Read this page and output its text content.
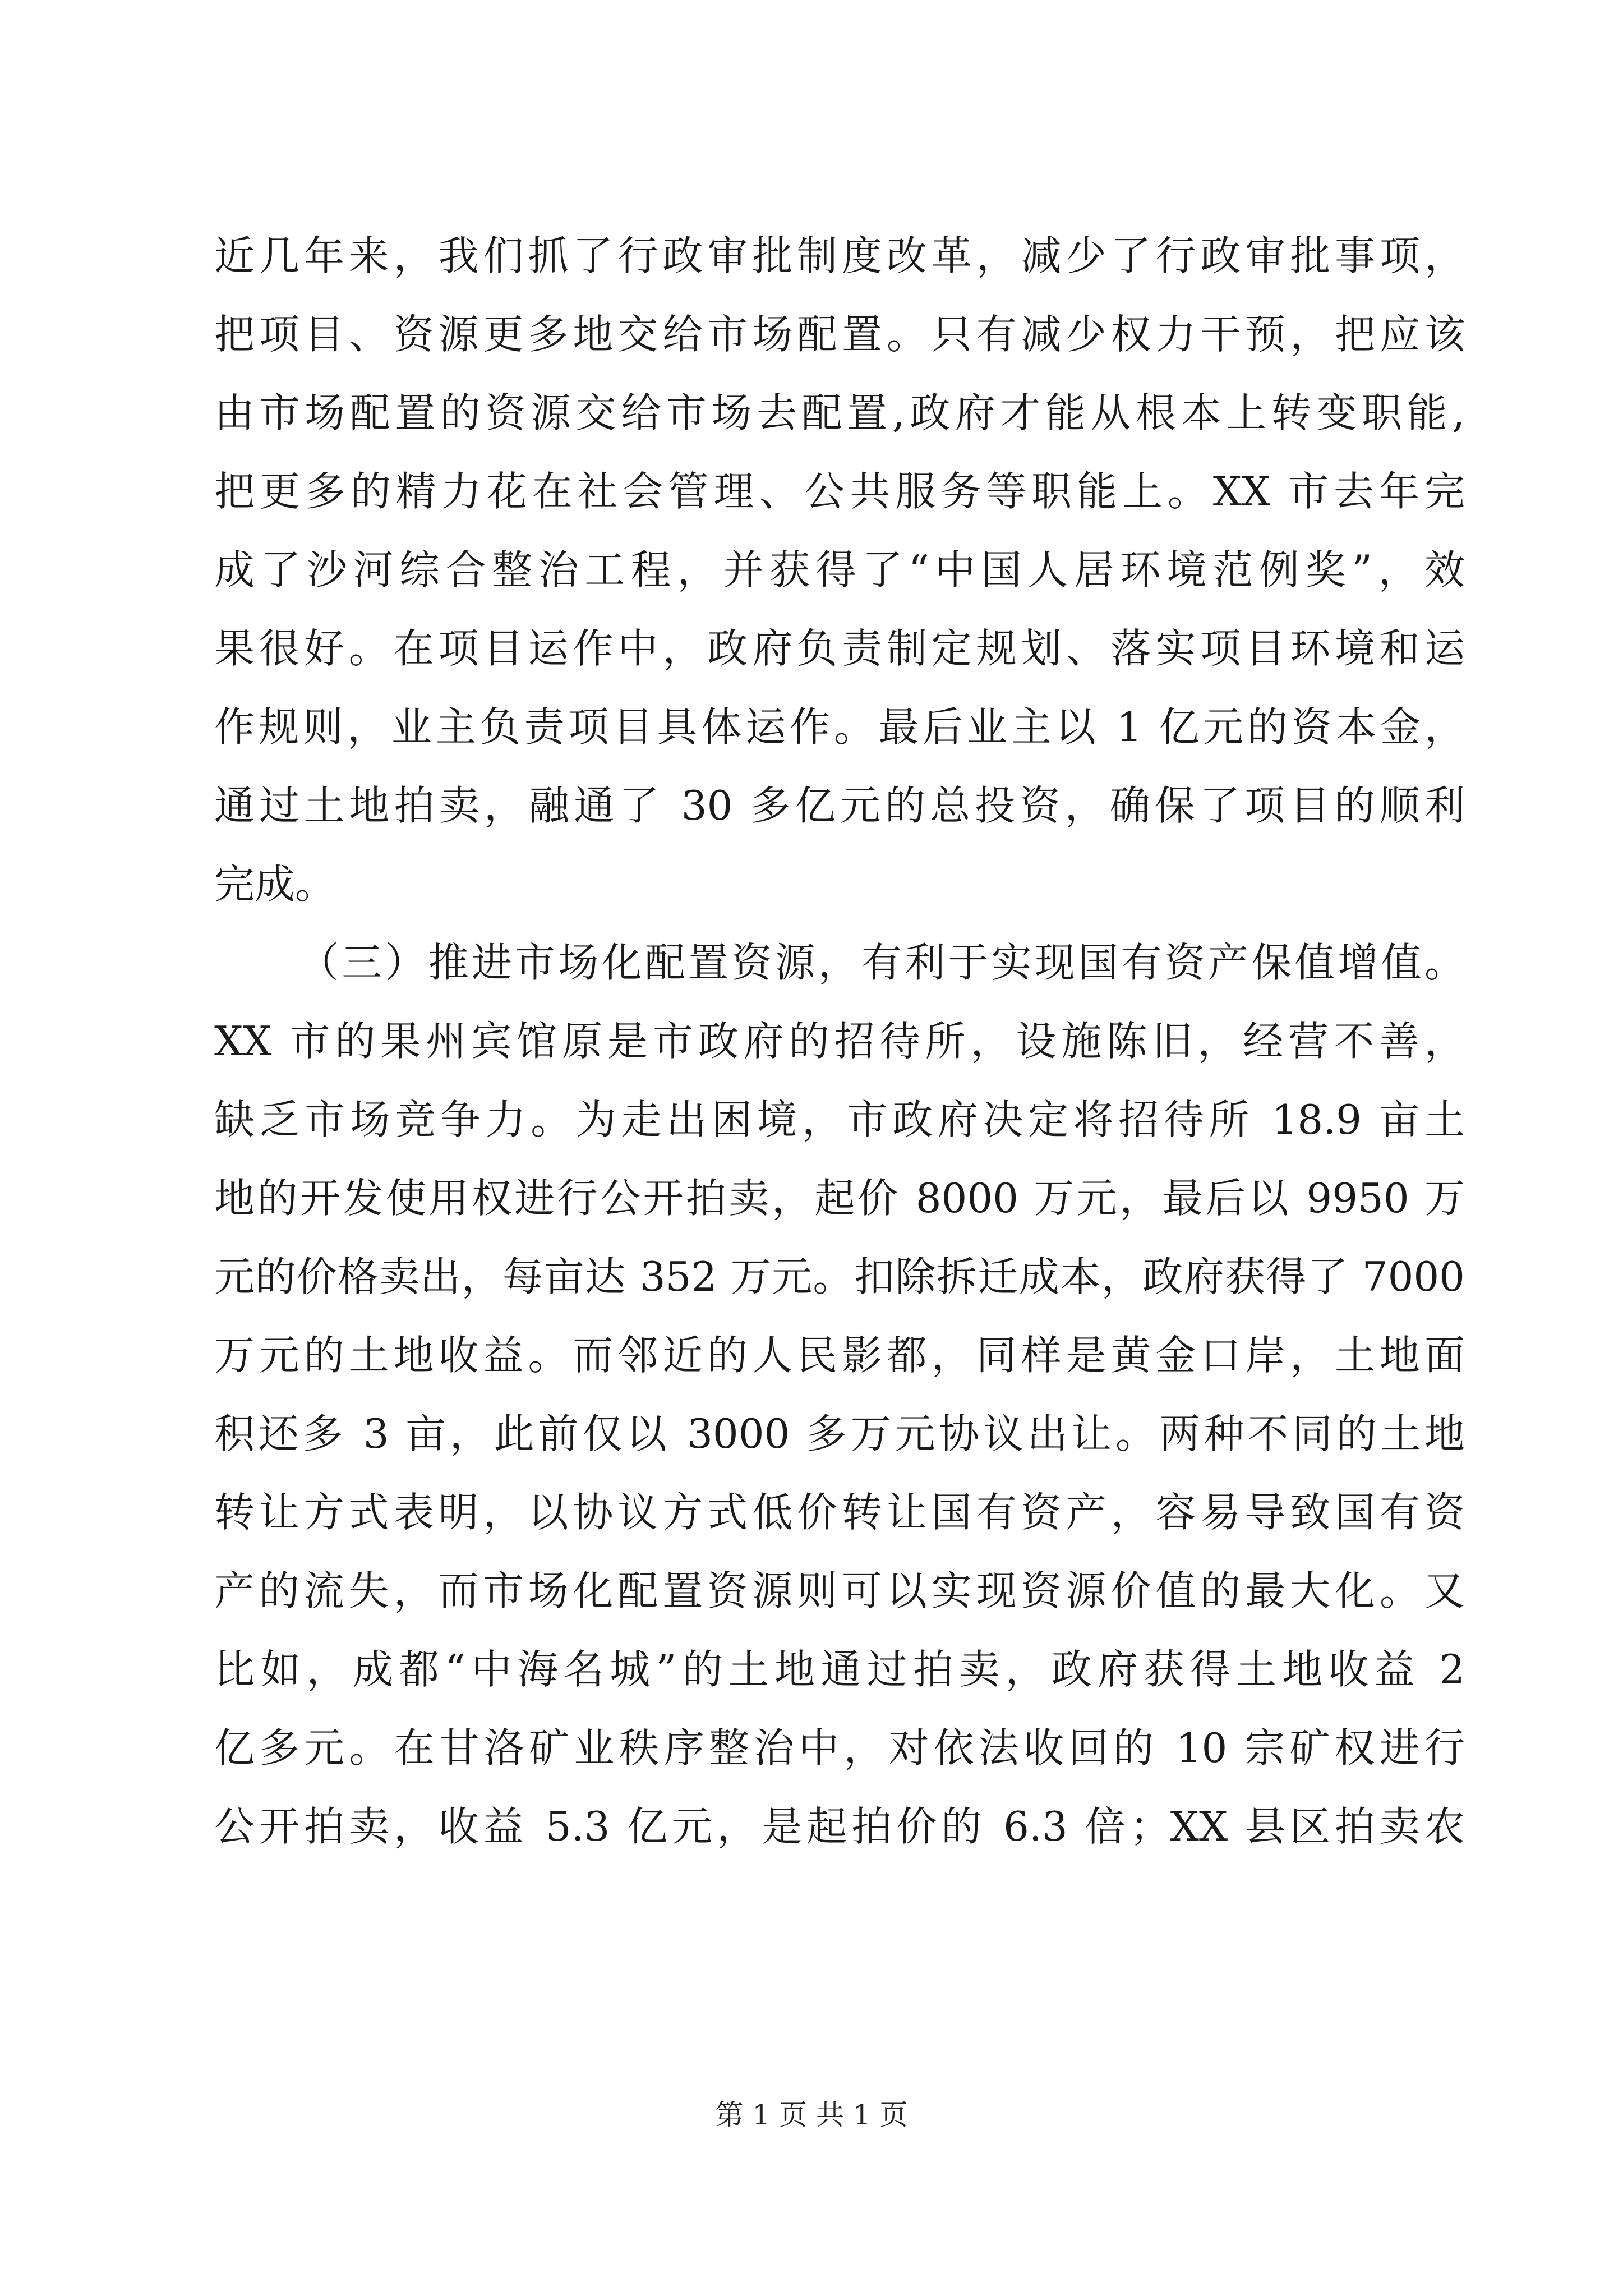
近几年来，我们抓了行政审批制度改革，减少了行政审批事项，
把项目、资源更多地交给市场配置。只有减少权力干预，把应该
由市场配置的资源交给市场去配置,政府才能从根本上转变职能,
把更多的精力花在社会管理、公共服务等职能上。XX 市去年完
成了沙河综合整治工程，并获得了“中国人居环境范例奖”，效
果很好。在项目运作中，政府负责制定规划、落实项目环境和运
作规则，业主负责项目具体运作。最后业主以 1 亿元的资本金，
通过土地拍卖，融通了 30 多亿元的总投资，确保了项目的顺利
完成。
（三）推进市场化配置资源，有利于实现国有资产保值增值。
XX 市的果州宾馆原是市政府的招待所，设施陈旧，经营不善，
缺乏市场竞争力。为走出困境，市政府决定将招待所 18.9 亩土
地的开发使用权进行公开拍卖，起价 8000 万元，最后以 9950 万
元的价格卖出，每亩达 352 万元。扣除拆迁成本，政府获得了 7000
万元的土地收益。而邻近的人民影都，同样是黄金口岸，土地面
积还多 3 亩，此前仅以 3000 多万元协议出让。两种不同的土地
转让方式表明，以协议方式低价转让国有资产，容易导致国有资
产的流失，而市场化配置资源则可以实现资源价值的最大化。又
比如，成都“中海名城”的土地通过拍卖，政府获得土地收益 2
亿多元。在甘洛矿业秩序整治中，对依法收回的 10 宗矿权进行
公开拍卖，收益 5.3 亿元，是起拍价的 6.3 倍；XX 县区拍卖农
第 1 页 共 1 页
